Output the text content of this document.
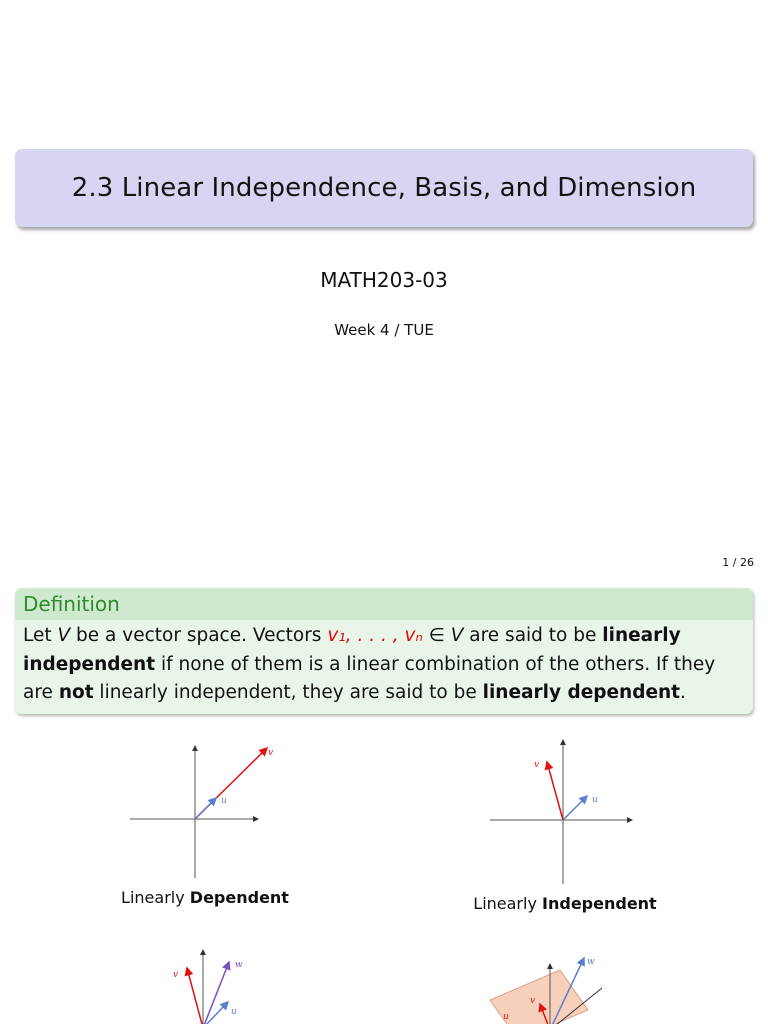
2.3 Linear Independence, Basis, and Dimension
MATH203-03
Week 4 / TUE
1 / 26
Definition
Let V be a vector space. Vectors v₁, . . . , vₙ ∈ V are said to be linearly independent if none of them is a linear combination of the others. If they are not linearly independent, they are said to be linearly dependent.
v
u
Linearly Dependent
v
u
Linearly Independent
v
w
u
w
v
u
